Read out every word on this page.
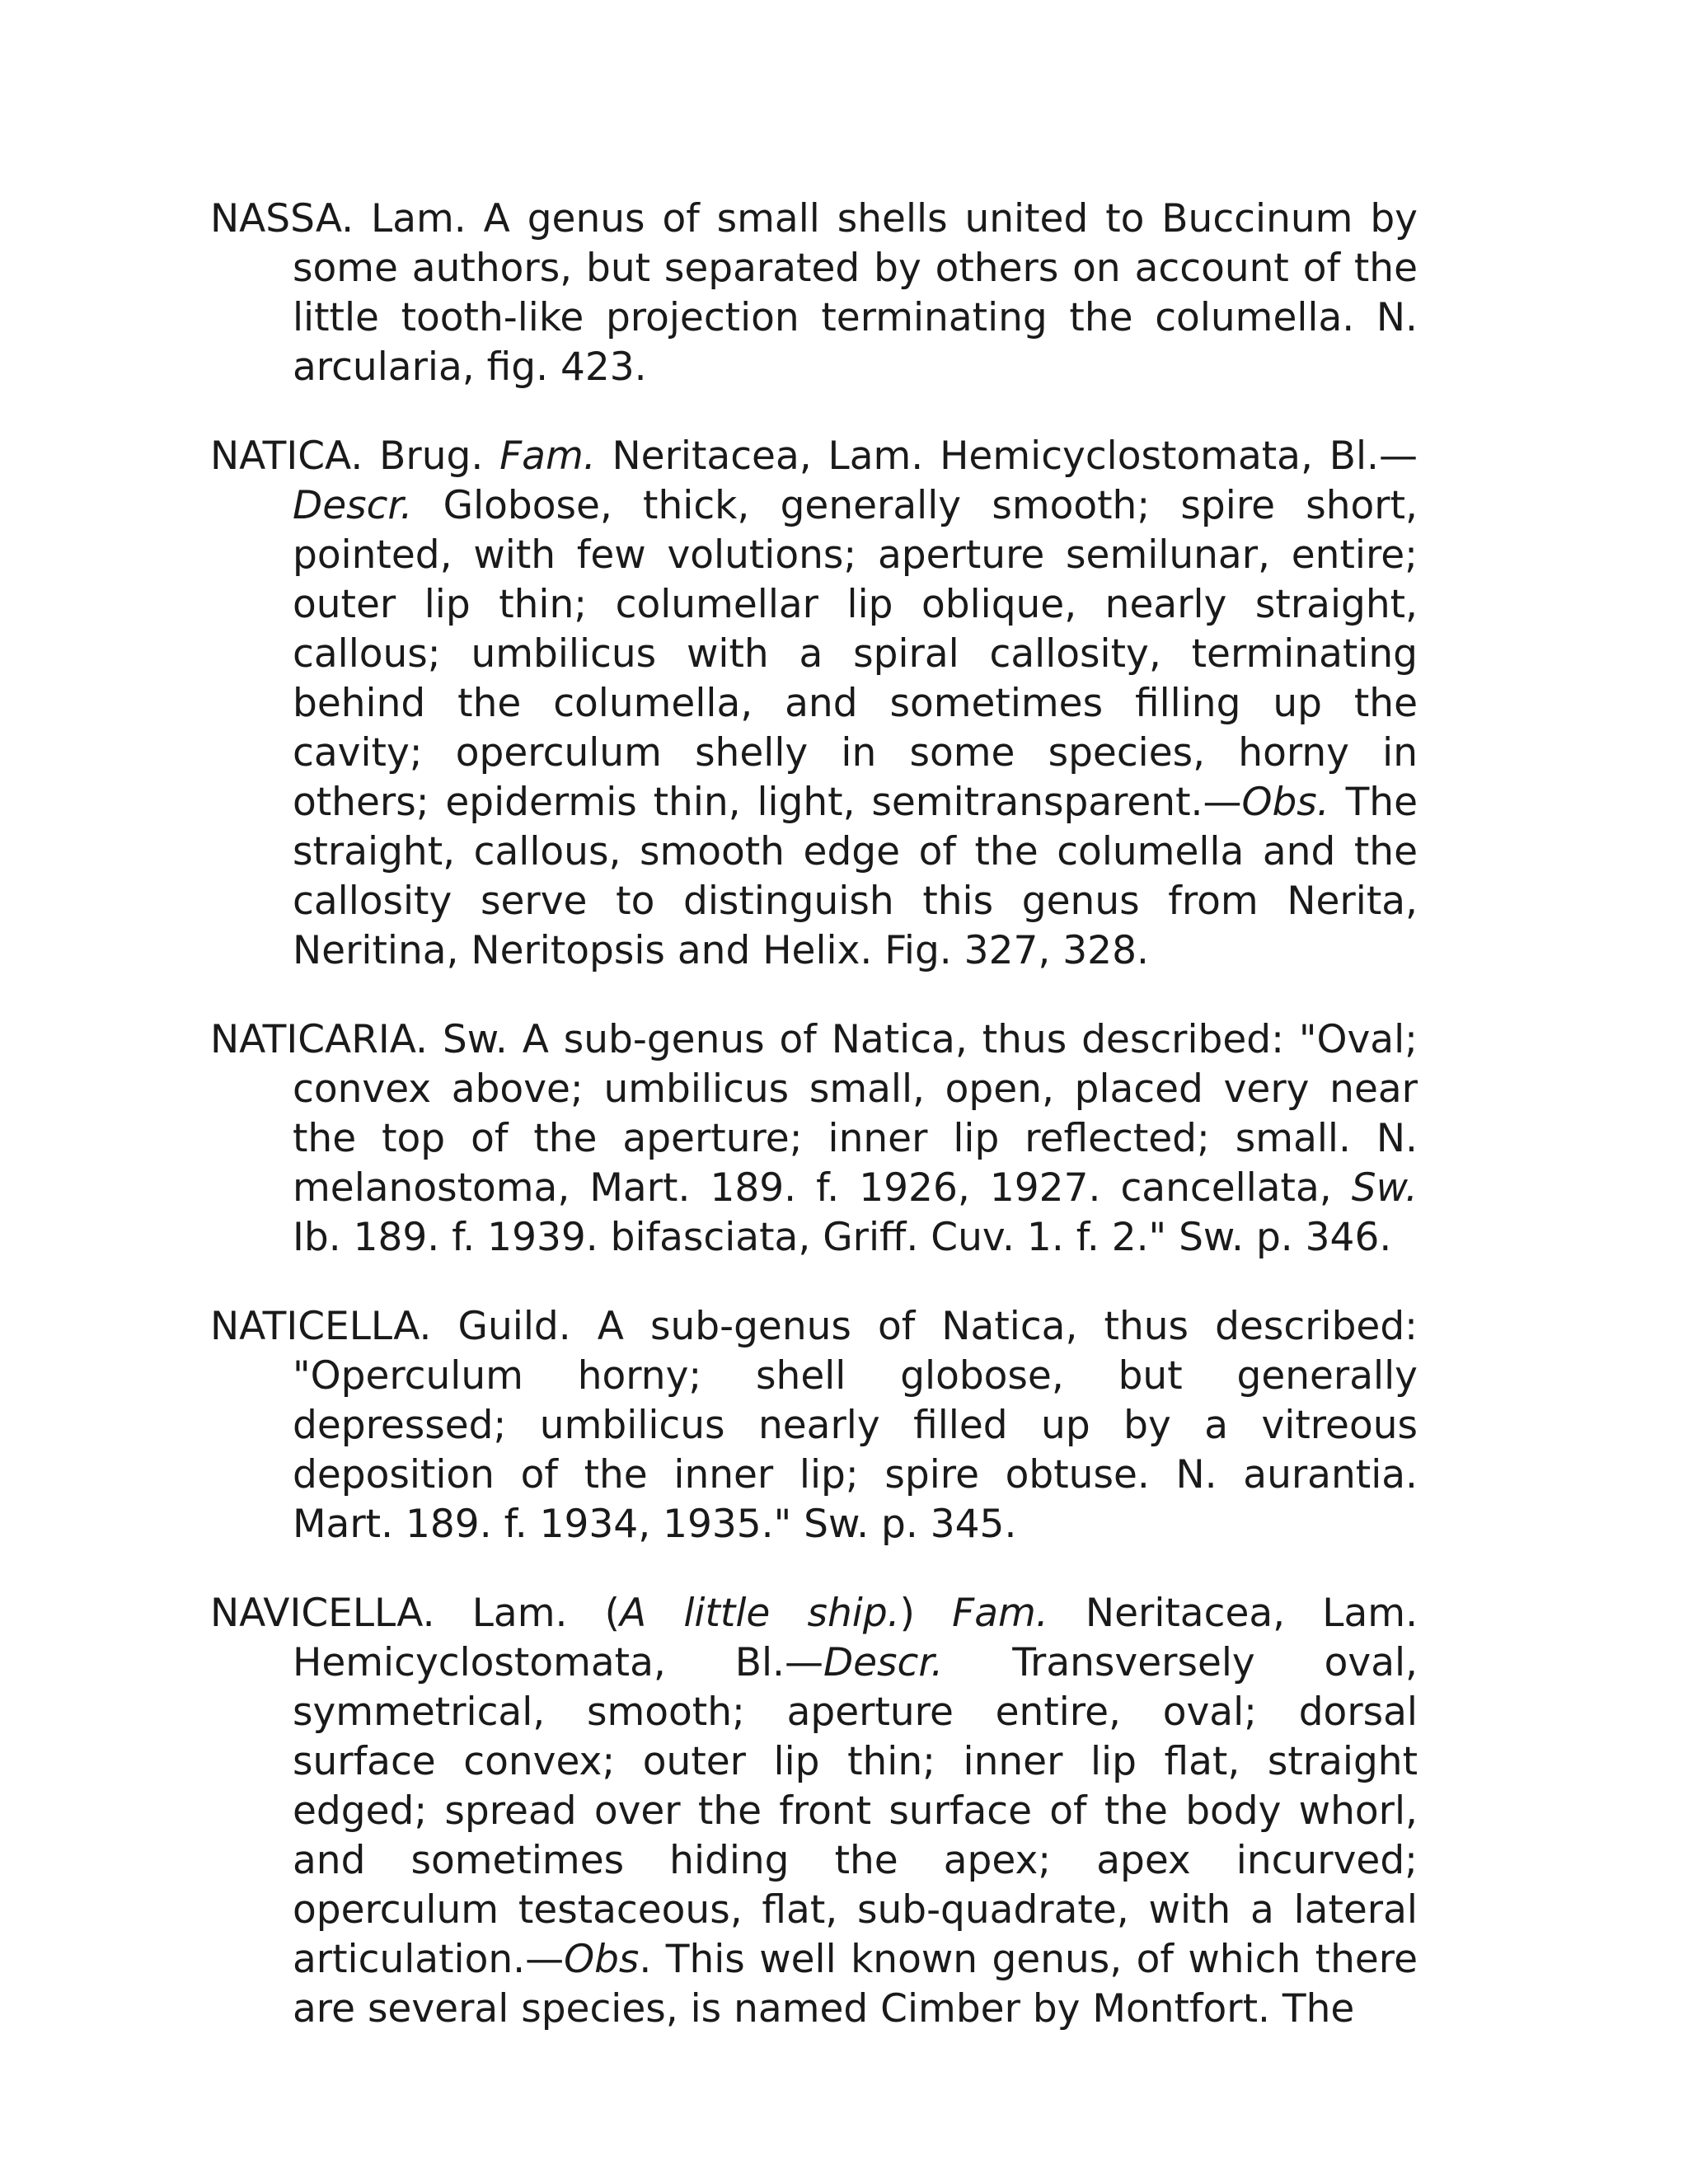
NASSA. Lam. A genus of small shells united to Buccinum by some authors, but separated by others on account of the little tooth-like projection terminating the columella. N. arcularia, fig. 423.

NATICA. Brug. Fam. Neritacea, Lam. Hemicyclostomata, Bl.—Descr. Globose, thick, generally smooth; spire short, pointed, with few volutions; aperture semilunar, entire; outer lip thin; columellar lip oblique, nearly straight, callous; umbilicus with a spiral callosity, terminating behind the columella, and sometimes filling up the cavity; operculum shelly in some species, horny in others; epidermis thin, light, semitransparent.—Obs. The straight, callous, smooth edge of the columella and the callosity serve to distinguish this genus from Nerita, Neritina, Neritopsis and Helix. Fig. 327, 328.

NATICARIA. Sw. A sub-genus of Natica, thus described: "Oval; convex above; umbilicus small, open, placed very near the top of the aperture; inner lip reflected; small. N. melanostoma, Mart. 189. f. 1926, 1927. cancellata, Sw. Ib. 189. f. 1939. bifasciata, Griff. Cuv. 1. f. 2." Sw. p. 346.

NATICELLA. Guild. A sub-genus of Natica, thus described: "Operculum horny; shell globose, but generally depressed; umbilicus nearly filled up by a vitreous deposition of the inner lip; spire obtuse. N. aurantia. Mart. 189. f. 1934, 1935." Sw. p. 345.

NAVICELLA. Lam. (A little ship.) Fam. Neritacea, Lam. Hemicyclostomata, Bl.—Descr. Transversely oval, symmetrical, smooth; aperture entire, oval; dorsal surface convex; outer lip thin; inner lip flat, straight edged; spread over the front surface of the body whorl, and sometimes hiding the apex; apex incurved; operculum testaceous, flat, sub-quadrate, with a lateral articulation.—Obs. This well known genus, of which there are several species, is named Cimber by Montfort. The
